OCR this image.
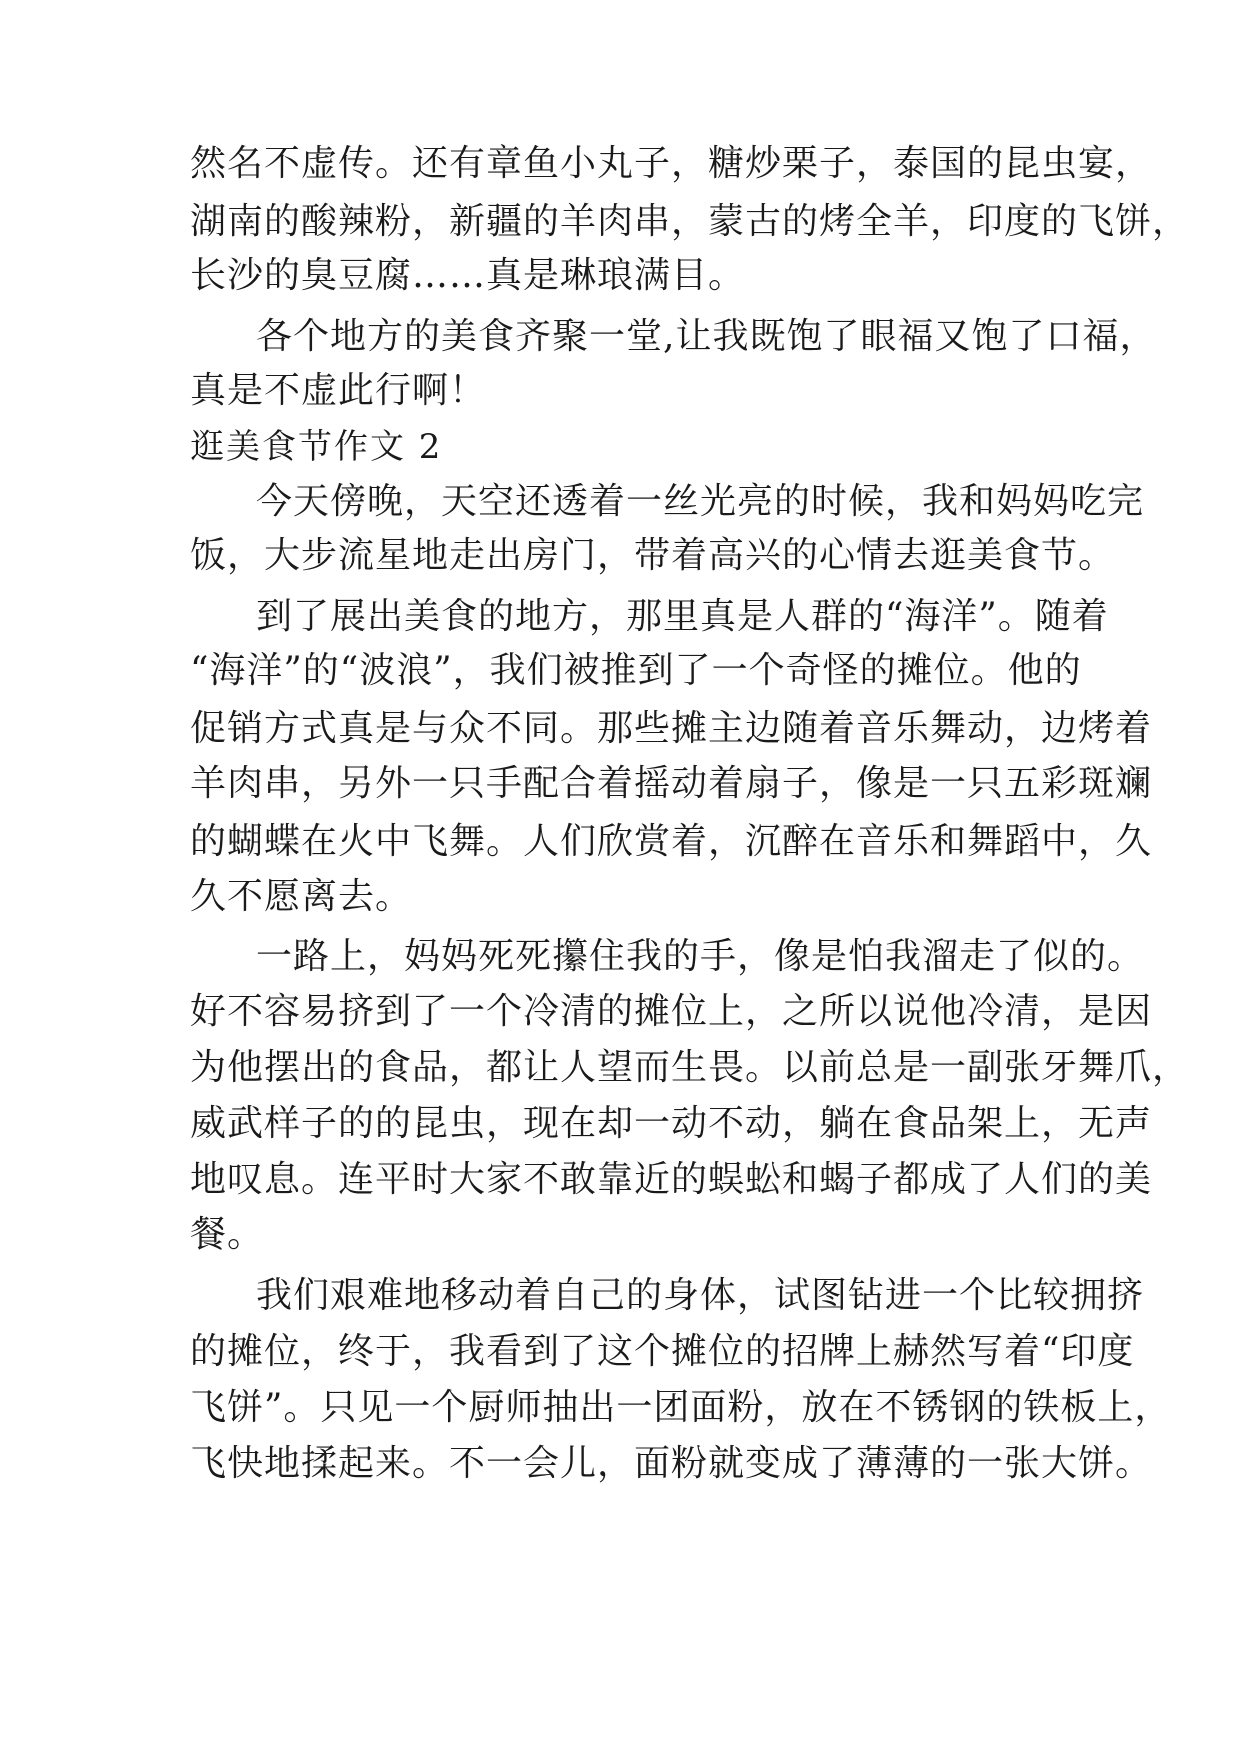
然名不虚传。还有章鱼小丸子，糖炒栗子，泰国的昆虫宴，
湖南的酸辣粉，新疆的羊肉串，蒙古的烤全羊，印度的飞饼，
长沙的臭豆腐……真是琳琅满目。
各个地方的美食齐聚一堂,让我既饱了眼福又饱了口福，
真是不虚此行啊！
逛美食节作文 2
今天傍晚，天空还透着一丝光亮的时候，我和妈妈吃完
饭，大步流星地走出房门，带着高兴的心情去逛美食节。
到了展出美食的地方，那里真是人群的“海洋”。随着
“海洋”的“波浪”，我们被推到了一个奇怪的摊位。他的
促销方式真是与众不同。那些摊主边随着音乐舞动，边烤着
羊肉串，另外一只手配合着摇动着扇子，像是一只五彩斑斓
的蝴蝶在火中飞舞。人们欣赏着，沉醉在音乐和舞蹈中，久
久不愿离去。
一路上，妈妈死死攥住我的手，像是怕我溜走了似的。
好不容易挤到了一个冷清的摊位上，之所以说他冷清，是因
为他摆出的食品，都让人望而生畏。以前总是一副张牙舞爪，
威武样子的的昆虫，现在却一动不动，躺在食品架上，无声
地叹息。连平时大家不敢靠近的蜈蚣和蝎子都成了人们的美
餐。
我们艰难地移动着自己的身体，试图钻进一个比较拥挤
的摊位，终于，我看到了这个摊位的招牌上赫然写着“印度
飞饼”。只见一个厨师抽出一团面粉，放在不锈钢的铁板上，
飞快地揉起来。不一会儿，面粉就变成了薄薄的一张大饼。
